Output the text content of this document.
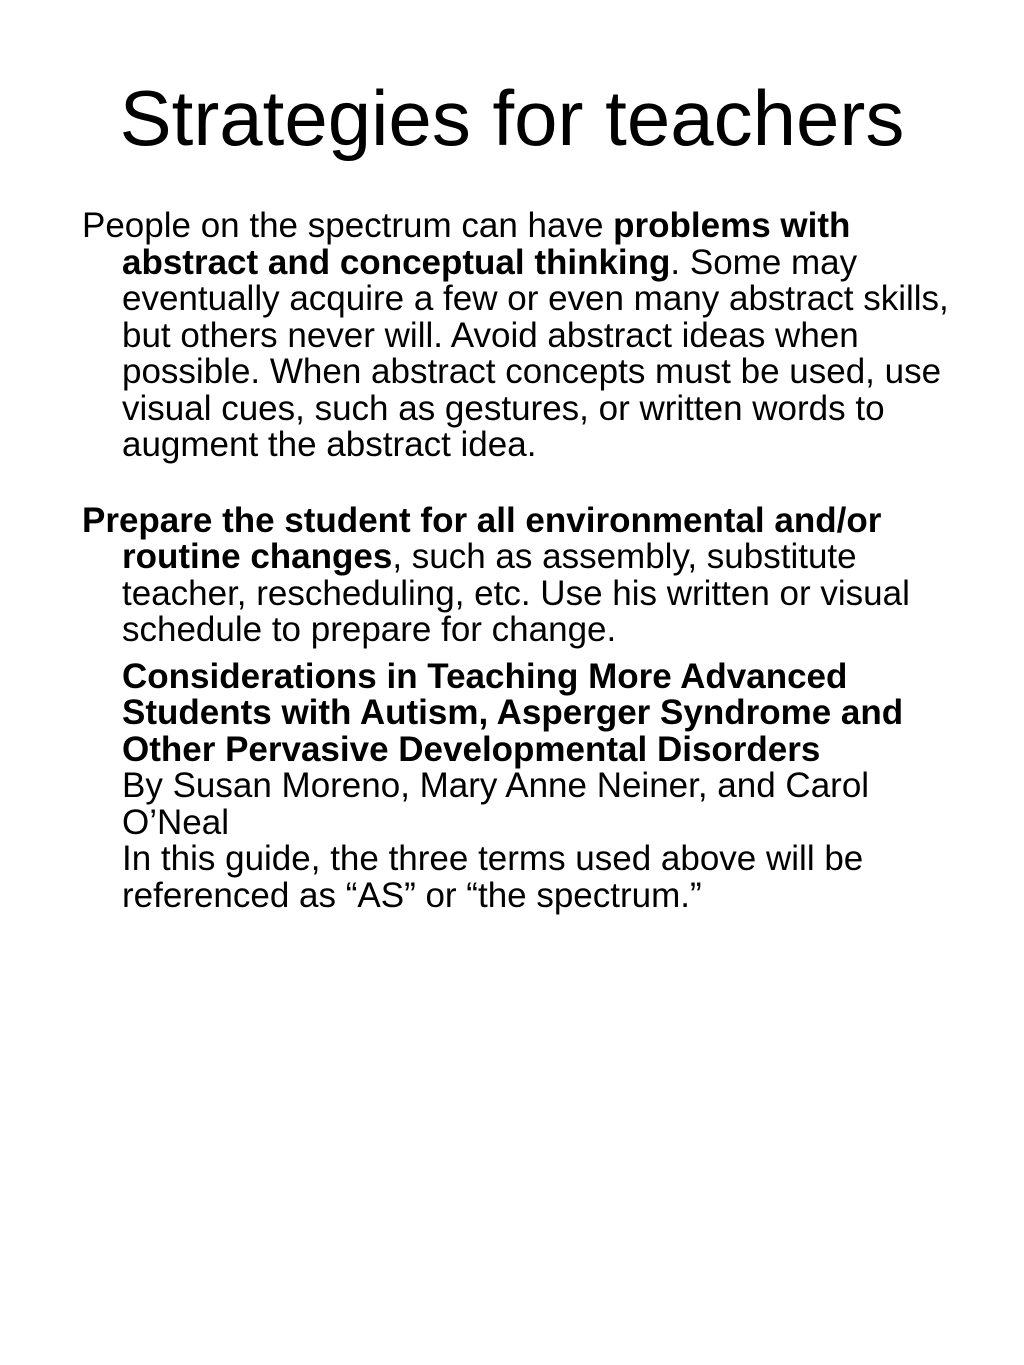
Strategies for teachers

People on the spectrum can have problems with abstract and conceptual thinking. Some may eventually acquire a few or even many abstract skills, but others never will. Avoid abstract ideas when possible. When abstract concepts must be used, use visual cues, such as gestures, or written words to augment the abstract idea.

Prepare the student for all environmental and/or routine changes, such as assembly, substitute teacher, rescheduling, etc. Use his written or visual schedule to prepare for change.

Considerations in Teaching More Advanced Students with Autism, Asperger Syndrome and Other Pervasive Developmental Disorders
By Susan Moreno, Mary Anne Neiner, and Carol O’Neal
In this guide, the three terms used above will be referenced as “AS” or “the spectrum.”
